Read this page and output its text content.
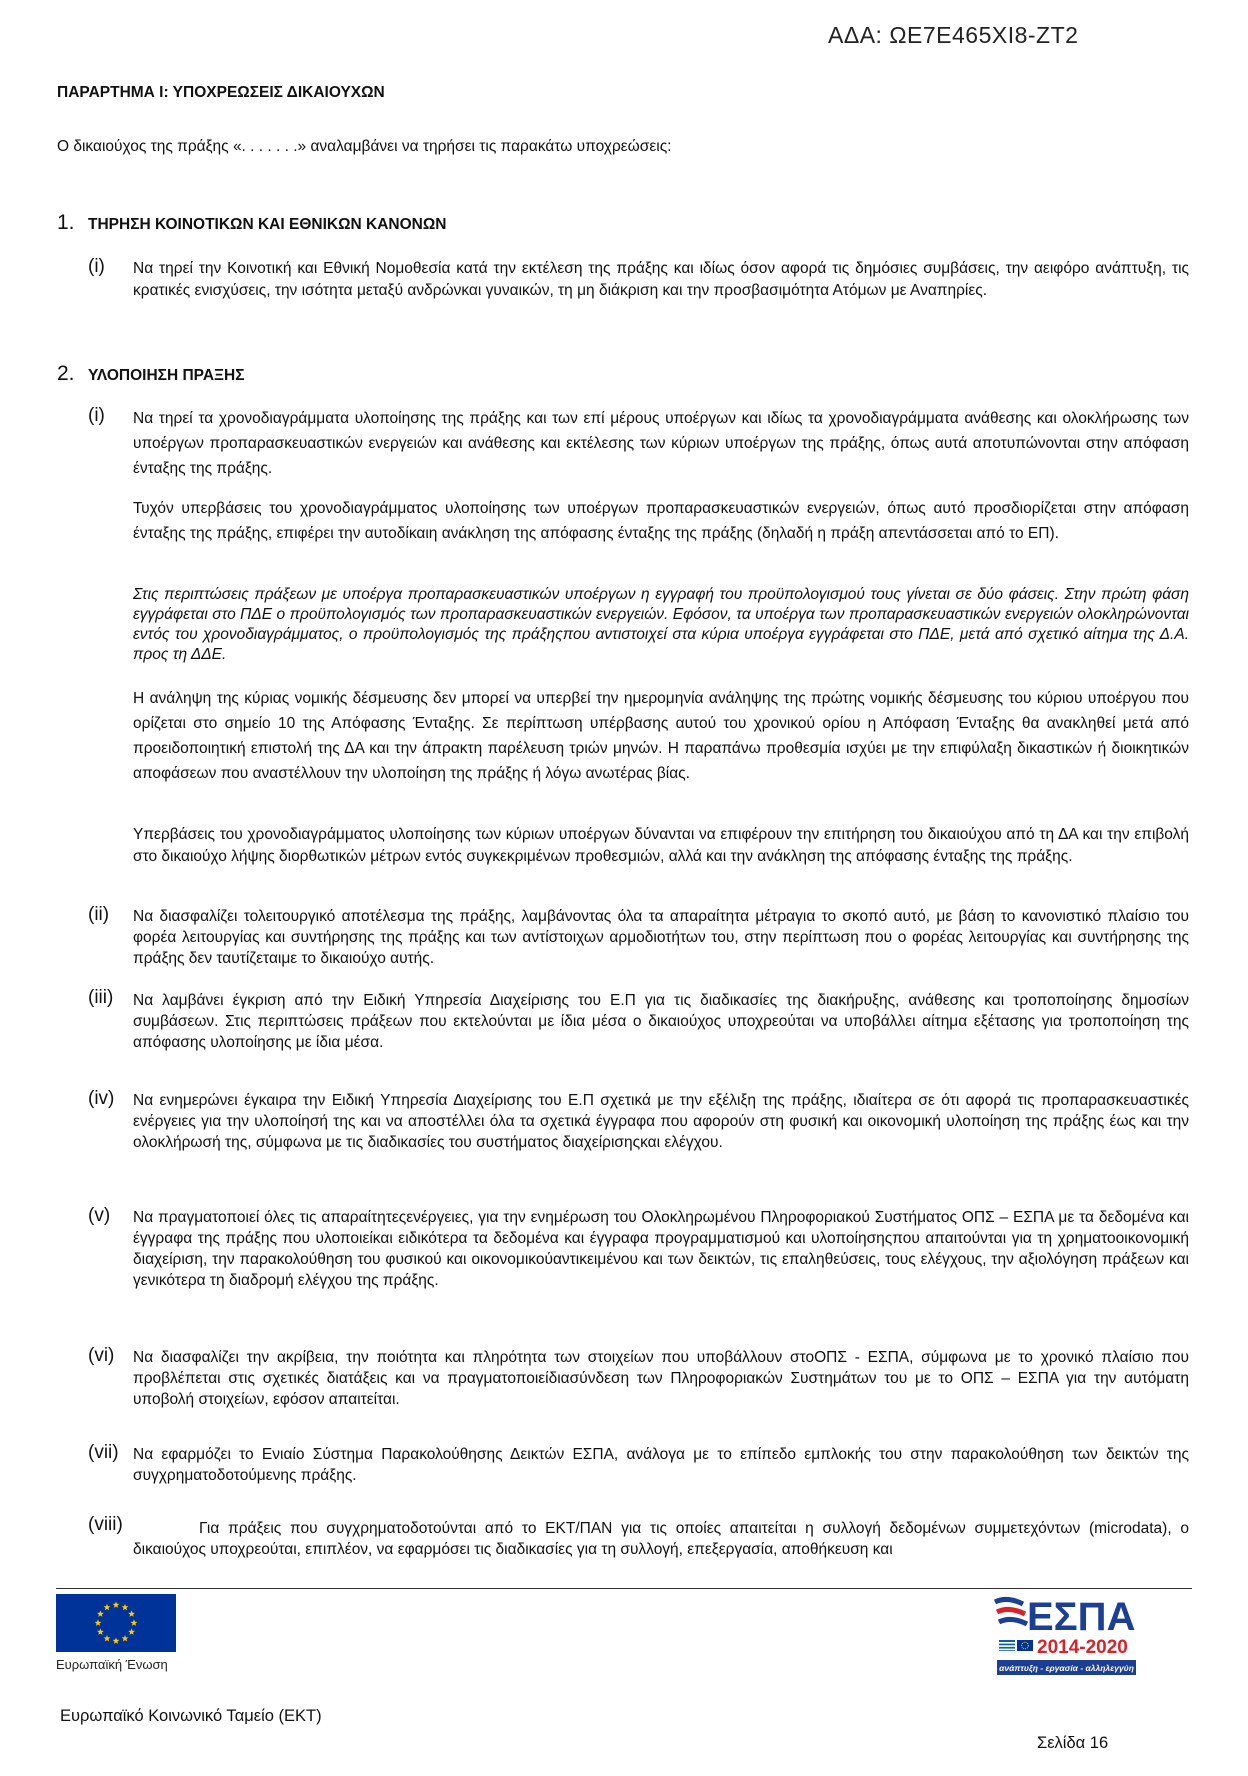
ΑΔΑ: ΩΕ7Ε465ΧΙ8-ΖΤ2
ΠΑΡΑΡΤΗΜΑ Ι: ΥΠΟΧΡΕΩΣΕΙΣ ΔΙΚΑΙΟΥΧΩΝ
Ο δικαιούχος της πράξης «. . . . . . .» αναλαμβάνει να τηρήσει τις παρακάτω υποχρεώσεις:
1. ΤΗΡΗΣΗ ΚΟΙΝΟΤΙΚΩΝ ΚΑΙ ΕΘΝΙΚΩΝ ΚΑΝΟΝΩΝ
(i) Να τηρεί την Κοινοτική και Εθνική Νομοθεσία κατά την εκτέλεση της πράξης και ιδίως όσον αφορά τις δημόσιες συμβάσεις, την αειφόρο ανάπτυξη, τις κρατικές ενισχύσεις, την ισότητα μεταξύ ανδρώνκαι γυναικών, τη μη διάκριση και την προσβασιμότητα Ατόμων με Αναπηρίες.

2. ΥΛΟΠΟΙΗΣΗ ΠΡΑΞΗΣ
(i) Να τηρεί τα χρονοδιαγράμματα υλοποίησης της πράξης και των επί μέρους υποέργων και ιδίως τα χρονοδιαγράμματα ανάθεσης και ολοκλήρωσης των υποέργων προπαρασκευαστικών ενεργειών και ανάθεσης και εκτέλεσης των κύριων υποέργων της πράξης, όπως αυτά αποτυπώνονται στην απόφαση ένταξης της πράξης.

Τυχόν υπερβάσεις του χρονοδιαγράμματος υλοποίησης των υποέργων προπαρασκευαστικών ενεργειών, όπως αυτό προσδιορίζεται στην απόφαση ένταξης της πράξης, επιφέρει την αυτοδίκαιη ανάκληση της απόφασης ένταξης της πράξης (δηλαδή η πράξη απεντάσσεται από το ΕΠ).

Στις περιπτώσεις πράξεων με υποέργα προπαρασκευαστικών υποέργων η εγγραφή του προϋπολογισμού τους γίνεται σε δύο φάσεις. Στην πρώτη φάση εγγράφεται στο ΠΔΕ ο προϋπολογισμός των προπαρασκευαστικών ενεργειών. Εφόσον, τα υποέργα των προπαρασκευαστικών ενεργειών ολοκληρώνονται εντός του χρονοδιαγράμματος, ο προϋπολογισμός της πράξηςπου αντιστοιχεί στα κύρια υποέργα εγγράφεται στο ΠΔΕ, μετά από σχετικό αίτημα της Δ.Α. προς τη ΔΔΕ.

Η ανάληψη της κύριας νομικής δέσμευσης δεν μπορεί να υπερβεί την ημερομηνία ανάληψης της πρώτης νομικής δέσμευσης του κύριου υποέργου που ορίζεται στο σημείο 10 της Απόφασης Ένταξης. Σε περίπτωση υπέρβασης αυτού του χρονικού ορίου η Απόφαση Ένταξης θα ανακληθεί μετά από προειδοποιητική επιστολή της ΔΑ και την άπρακτη παρέλευση τριών μηνών. Η παραπάνω προθεσμία ισχύει με την επιφύλαξη δικαστικών ή διοικητικών αποφάσεων που αναστέλλουν την υλοποίηση της πράξης ή λόγω ανωτέρας βίας.

Υπερβάσεις του χρονοδιαγράμματος υλοποίησης των κύριων υποέργων δύνανται να επιφέρουν την επιτήρηση του δικαιούχου από τη ΔΑ και την επιβολή στο δικαιούχο λήψης διορθωτικών μέτρων εντός συγκεκριμένων προθεσμιών, αλλά και την ανάκληση της απόφασης ένταξης της πράξης.

(ii) Να διασφαλίζει τολειτουργικό αποτέλεσμα της πράξης, λαμβάνοντας όλα τα απαραίτητα μέτραγια το σκοπό αυτό, με βάση το κανονιστικό πλαίσιο του φορέα λειτουργίας και συντήρησης της πράξης και των αντίστοιχων αρμοδιοτήτων του, στην περίπτωση που ο φορέας λειτουργίας και συντήρησης της πράξης δεν ταυτίζεταιμε το δικαιούχο αυτής.

(iii) Να λαμβάνει έγκριση από την Ειδική Υπηρεσία Διαχείρισης του Ε.Π για τις διαδικασίες της διακήρυξης, ανάθεσης και τροποποίησης δημοσίων συμβάσεων. Στις περιπτώσεις πράξεων που εκτελούνται με ίδια μέσα ο δικαιούχος υποχρεούται να υποβάλλει αίτημα εξέτασης για τροποποίηση της απόφασης υλοποίησης με ίδια μέσα.

(iv) Να ενημερώνει έγκαιρα την Ειδική Υπηρεσία Διαχείρισης του Ε.Π σχετικά με την εξέλιξη της πράξης, ιδιαίτερα σε ότι αφορά τις προπαρασκευαστικές ενέργειες για την υλοποίησή της και να αποστέλλει όλα τα σχετικά έγγραφα που αφορούν στη φυσική και οικονομική υλοποίηση της πράξης έως και την ολοκλήρωσή της, σύμφωνα με τις διαδικασίες του συστήματος διαχείρισηςκαι ελέγχου.

(v) Να πραγματοποιεί όλες τις απαραίτητεςενέργειες, για την ενημέρωση του Ολοκληρωμένου Πληροφοριακού Συστήματος ΟΠΣ – ΕΣΠΑ με τα δεδομένα και έγγραφα της πράξης που υλοποιείκαι ειδικότερα τα δεδομένα και έγγραφα προγραμματισμού και υλοποίησηςπου απαιτούνται για τη χρηματοοικονομική διαχείριση, την παρακολούθηση του φυσικού και οικονομικούαντικειμένου και των δεικτών, τις επαληθεύσεις, τους ελέγχους, την αξιολόγηση πράξεων και γενικότερα τη διαδρομή ελέγχου της πράξης.

(vi) Να διασφαλίζει την ακρίβεια, την ποιότητα και πληρότητα των στοιχείων που υποβάλλουν στοΟΠΣ - ΕΣΠΑ, σύμφωνα με το χρονικό πλαίσιο που προβλέπεται στις σχετικές διατάξεις και να πραγματοποιείδιασύνδεση των Πληροφοριακών Συστημάτων του με το ΟΠΣ – ΕΣΠΑ για την αυτόματη υποβολή στοιχείων, εφόσον απαιτείται.

(vii) Να εφαρμόζει το Ενιαίο Σύστημα Παρακολούθησης Δεικτών ΕΣΠΑ, ανάλογα με το επίπεδο εμπλοκής του στην παρακολούθηση των δεικτών της συγχρηματοδοτούμενης πράξης.

(viii)	Για πράξεις που συγχρηματοδοτούνται από το ΕΚΤ/ΠΑΝ για τις οποίες απαιτείται η συλλογή δεδομένων συμμετεχόντων (microdata), ο δικαιούχος υποχρεούται, επιπλέον, να εφαρμόσει τις διαδικασίες για τη συλλογή, επεξεργασία, αποθήκευση και

Ευρωπαϊκή Ένωση
ΕΣΠΑ
2014-2020
ανάπτυξη - εργασία - αλληλεγγύη
Ευρωπαϊκό Κοινωνικό Ταμείο (ΕΚΤ)
Σελίδα 16
